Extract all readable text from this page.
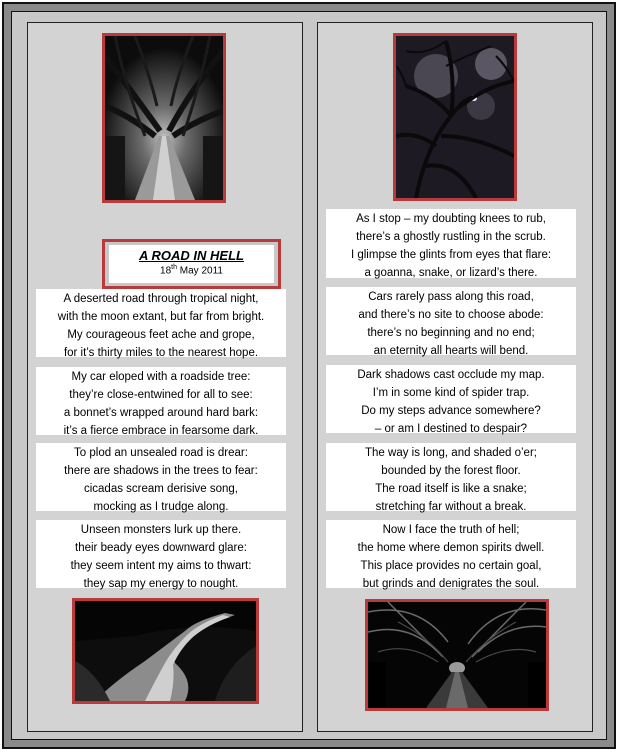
A ROAD IN HELL
18th May 2011
A deserted road through tropical night,
with the moon extant, but far from bright.
My courageous feet ache and grope,
for it’s thirty miles to the nearest hope.
My car eloped with a roadside tree:
they’re close-entwined for all to see:
a bonnet’s wrapped around hard bark:
it’s a fierce embrace in fearsome dark.
To plod an unsealed road is drear:
there are shadows in the trees to fear:
cicadas scream derisive song,
mocking as I trudge along.
Unseen monsters lurk up there.
their beady eyes downward glare:
they seem intent my aims to thwart:
they sap my energy to nought.
As I stop – my doubting knees to rub,
there’s a ghostly rustling in the scrub.
I glimpse the glints from eyes that flare:
a goanna, snake, or lizard’s there.
Cars rarely pass along this road,
and there’s no site to choose abode:
there’s no beginning and no end;
an eternity all hearts will bend.
Dark shadows cast occlude my map.
I’m in some kind of spider trap.
Do my steps advance somewhere?
– or am I destined to despair?
The way is long, and shaded o’er;
bounded by the forest floor.
The road itself is like a snake;
stretching far without a break.
Now I face the truth of hell;
the home where demon spirits dwell.
This place provides no certain goal,
but grinds and denigrates the soul.
